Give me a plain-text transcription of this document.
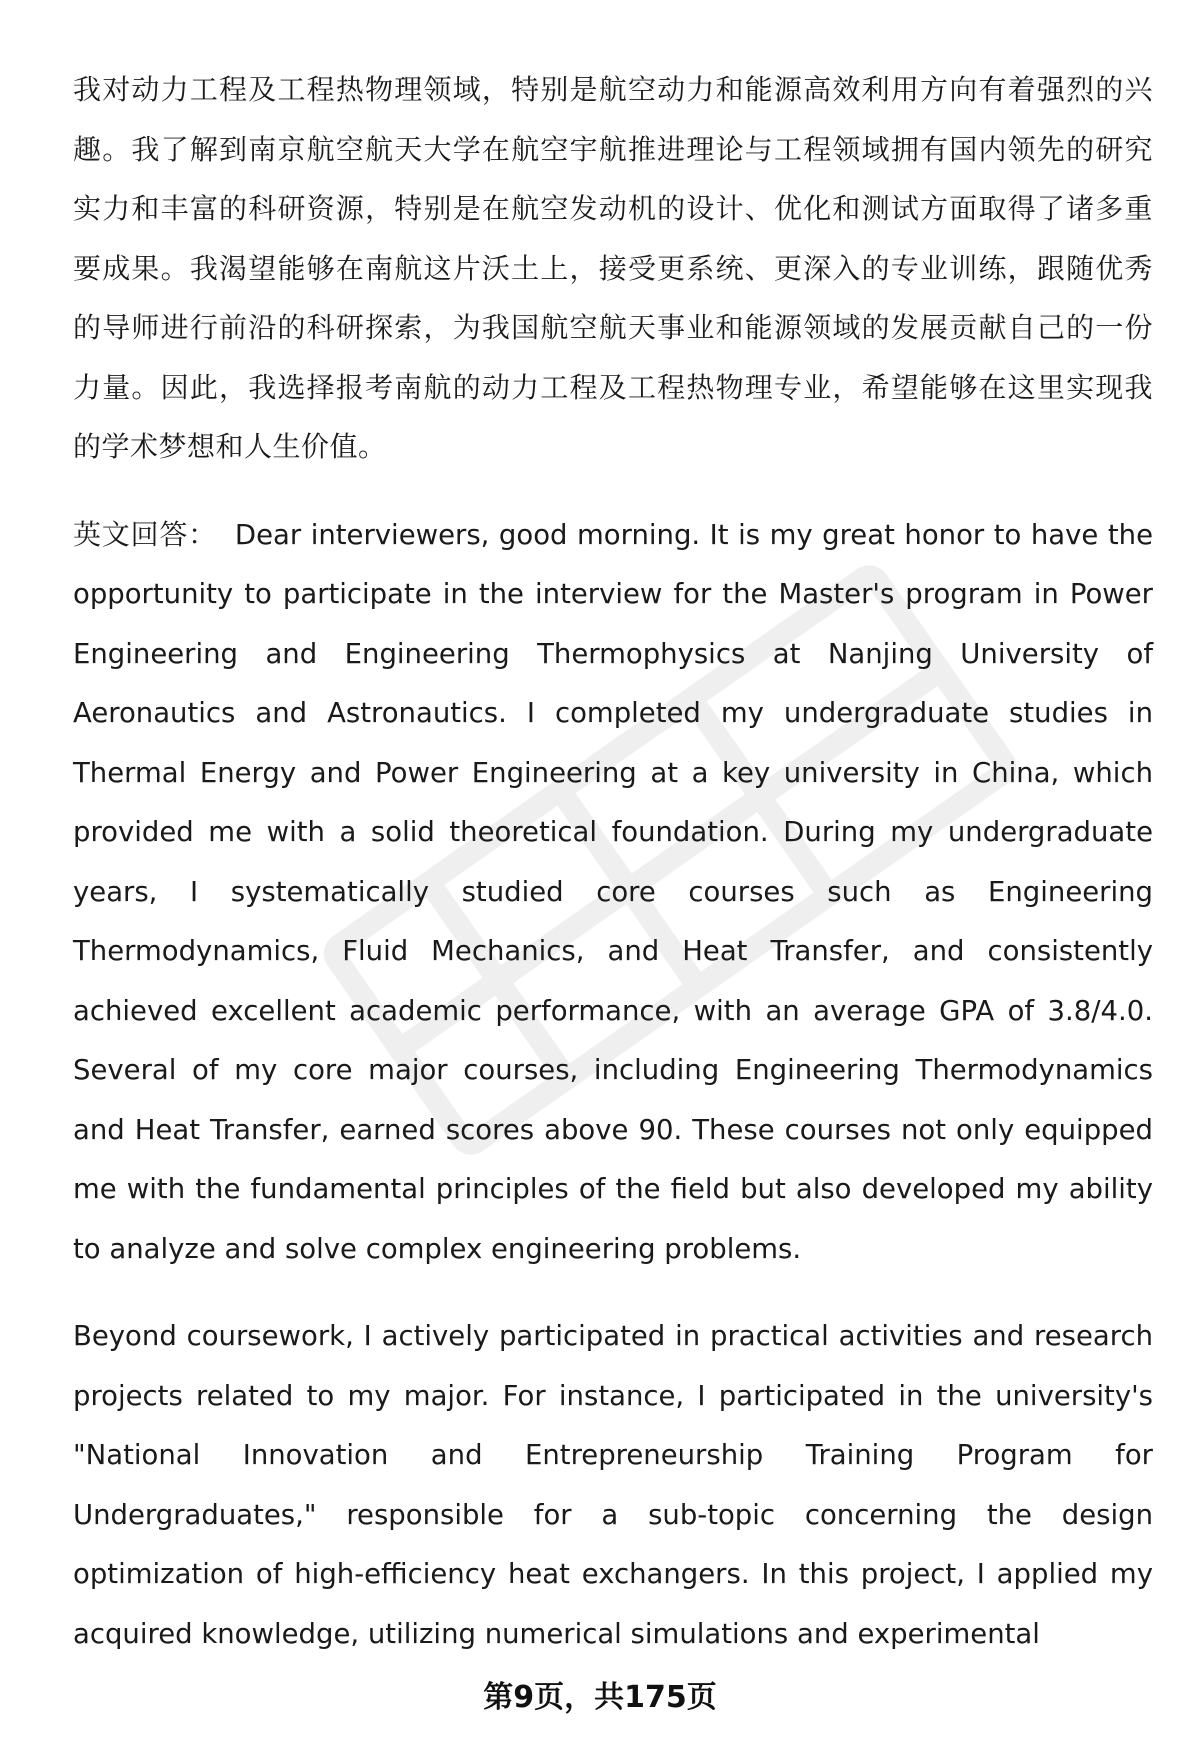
我对动力工程及工程热物理领域，特别是航空动力和能源高效利用方向有着强烈的兴趣。我了解到南京航空航天大学在航空宇航推进理论与工程领域拥有国内领先的研究实力和丰富的科研资源，特别是在航空发动机的设计、优化和测试方面取得了诸多重要成果。我渴望能够在南航这片沃土上，接受更系统、更深入的专业训练，跟随优秀的导师进行前沿的科研探索，为我国航空航天事业和能源领域的发展贡献自己的一份力量。因此，我选择报考南航的动力工程及工程热物理专业，希望能够在这里实现我的学术梦想和人生价值。

英文回答： Dear interviewers, good morning. It is my great honor to have the opportunity to participate in the interview for the Master's program in Power Engineering and Engineering Thermophysics at Nanjing University of Aeronautics and Astronautics. I completed my undergraduate studies in Thermal Energy and Power Engineering at a key university in China, which provided me with a solid theoretical foundation. During my undergraduate years, I systematically studied core courses such as Engineering Thermodynamics, Fluid Mechanics, and Heat Transfer, and consistently achieved excellent academic performance, with an average GPA of 3.8/4.0. Several of my core major courses, including Engineering Thermodynamics and Heat Transfer, earned scores above 90. These courses not only equipped me with the fundamental principles of the field but also developed my ability to analyze and solve complex engineering problems.

Beyond coursework, I actively participated in practical activities and research projects related to my major. For instance, I participated in the university's "National Innovation and Entrepreneurship Training Program for Undergraduates," responsible for a sub-topic concerning the design optimization of high-efficiency heat exchangers. In this project, I applied my acquired knowledge, utilizing numerical simulations and experimental

第9页，共175页
